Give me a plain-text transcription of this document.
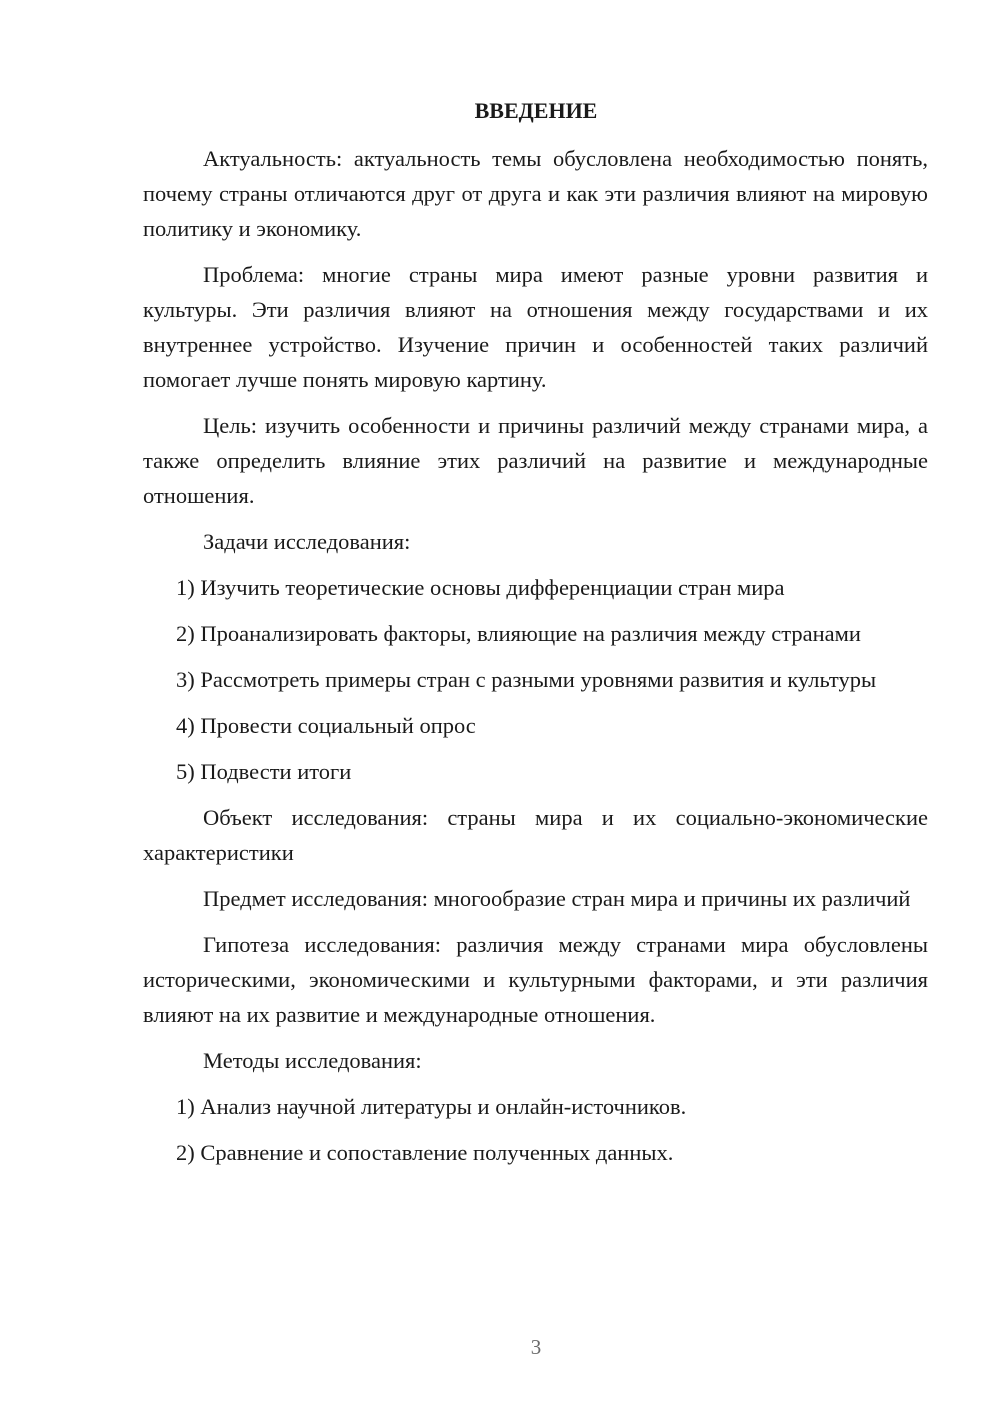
ВВЕДЕНИЕ

Актуальность: актуальность темы обусловлена необходимостью понять, почему страны отличаются друг от друга и как эти различия влияют на мировую политику и экономику.

Проблема: многие страны мира имеют разные уровни развития и культуры. Эти различия влияют на отношения между государствами и их внутреннее устройство. Изучение причин и особенностей таких различий помогает лучше понять мировую картину.

Цель: изучить особенности и причины различий между странами мира, а также определить влияние этих различий на развитие и международные отношения.

Задачи исследования:

1) Изучить теоретические основы дифференциации стран мира

2) Проанализировать факторы, влияющие на различия между странами

3) Рассмотреть примеры стран с разными уровнями развития и культуры

4) Провести социальный опрос

5) Подвести итоги

Объект исследования: страны мира и их социально-экономические характеристики

Предмет исследования: многообразие стран мира и причины их различий

Гипотеза исследования: различия между странами мира обусловлены историческими, экономическими и культурными факторами, и эти различия влияют на их развитие и международные отношения.

Методы исследования:

1) Анализ научной литературы и онлайн-источников.

2) Сравнение и сопоставление полученных данных.

3
